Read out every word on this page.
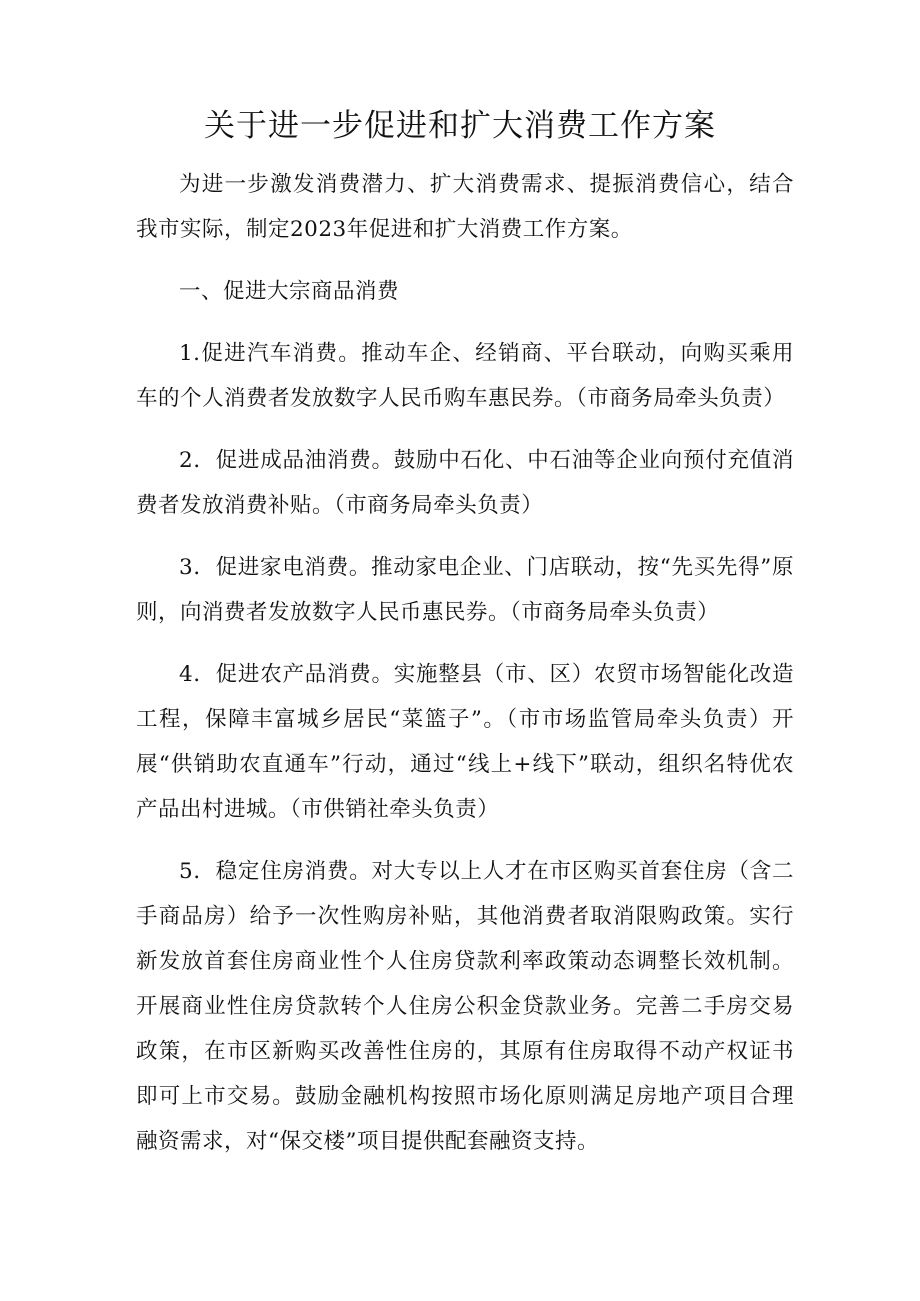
关于进一步促进和扩大消费工作方案

为进一步激发消费潜力、扩大消费需求、提振消费信心，结合我市实际，制定2023年促进和扩大消费工作方案。

一、促进大宗商品消费

1.促进汽车消费。推动车企、经销商、平台联动，向购买乘用车的个人消费者发放数字人民币购车惠民券。（市商务局牵头负责）

2．促进成品油消费。鼓励中石化、中石油等企业向预付充值消费者发放消费补贴。（市商务局牵头负责）

3．促进家电消费。推动家电企业、门店联动，按“先买先得”原则，向消费者发放数字人民币惠民券。（市商务局牵头负责）

4．促进农产品消费。实施整县（市、区）农贸市场智能化改造工程，保障丰富城乡居民“菜篮子”。（市市场监管局牵头负责）开展“供销助农直通车”行动，通过“线上+线下”联动，组织名特优农产品出村进城。（市供销社牵头负责）

5．稳定住房消费。对大专以上人才在市区购买首套住房（含二手商品房）给予一次性购房补贴，其他消费者取消限购政策。实行新发放首套住房商业性个人住房贷款利率政策动态调整长效机制。开展商业性住房贷款转个人住房公积金贷款业务。完善二手房交易政策，在市区新购买改善性住房的，其原有住房取得不动产权证书即可上市交易。鼓励金融机构按照市场化原则满足房地产项目合理融资需求，对“保交楼”项目提供配套融资支持。
